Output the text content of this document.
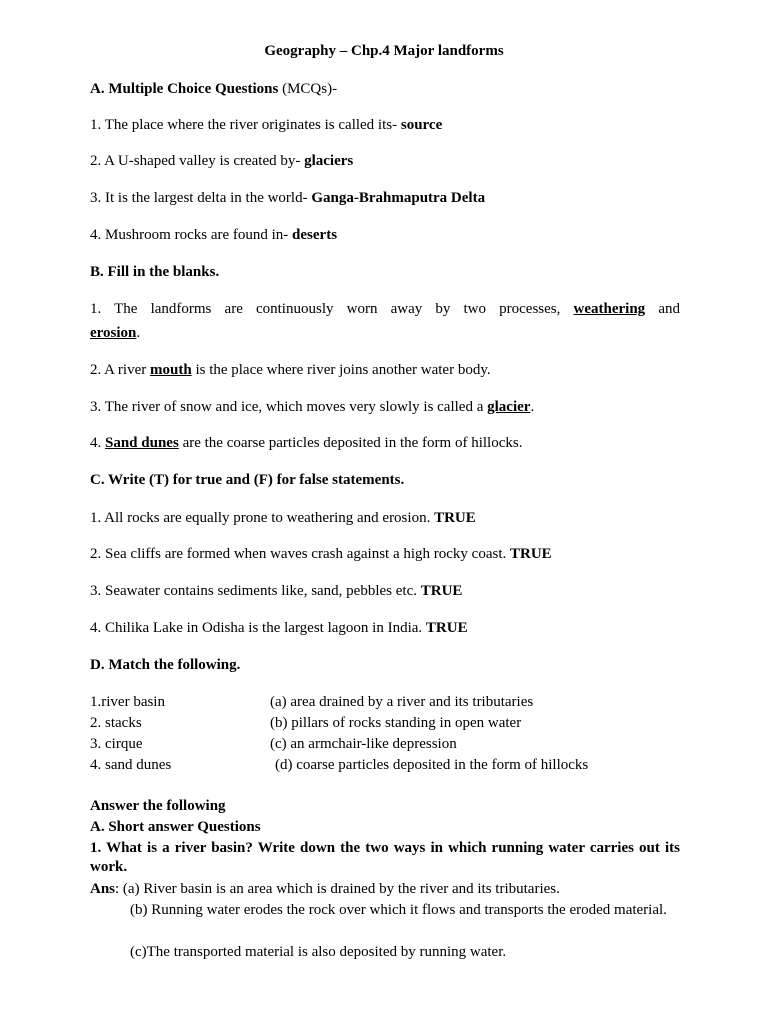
Geography – Chp.4 Major landforms
A. Multiple Choice Questions (MCQs)-
1. The place where the river originates is called its- source
2. A U-shaped valley is created by- glaciers
3. It is the largest delta in the world- Ganga-Brahmaputra Delta
4. Mushroom rocks are found in- deserts
B. Fill in the blanks.
1. The landforms are continuously worn away by two processes, weathering and
erosion.
2. A river mouth is the place where river joins another water body.
3. The river of snow and ice, which moves very slowly is called a glacier.
4. Sand dunes are the coarse particles deposited in the form of hillocks.
C. Write (T) for true and (F) for false statements.
1. All rocks are equally prone to weathering and erosion. TRUE
2. Sea cliffs are formed when waves crash against a high rocky coast. TRUE
3. Seawater contains sediments like, sand, pebbles etc. TRUE
4. Chilika Lake in Odisha is the largest lagoon in India. TRUE
D. Match the following.
1.river basin	(a) area drained by a river and its tributaries
2. stacks	(b) pillars of rocks standing in open water
3. cirque	(c) an armchair-like depression
4. sand dunes	(d) coarse particles deposited in the form of hillocks
Answer the following
A. Short answer Questions
1. What is a river basin? Write down the two ways in which running water carries out its work.
Ans: (a) River basin is an area which is drained by the river and its tributaries.
(b) Running water erodes the rock over which it flows and transports the eroded material.
(c)The transported material is also deposited by running water.
